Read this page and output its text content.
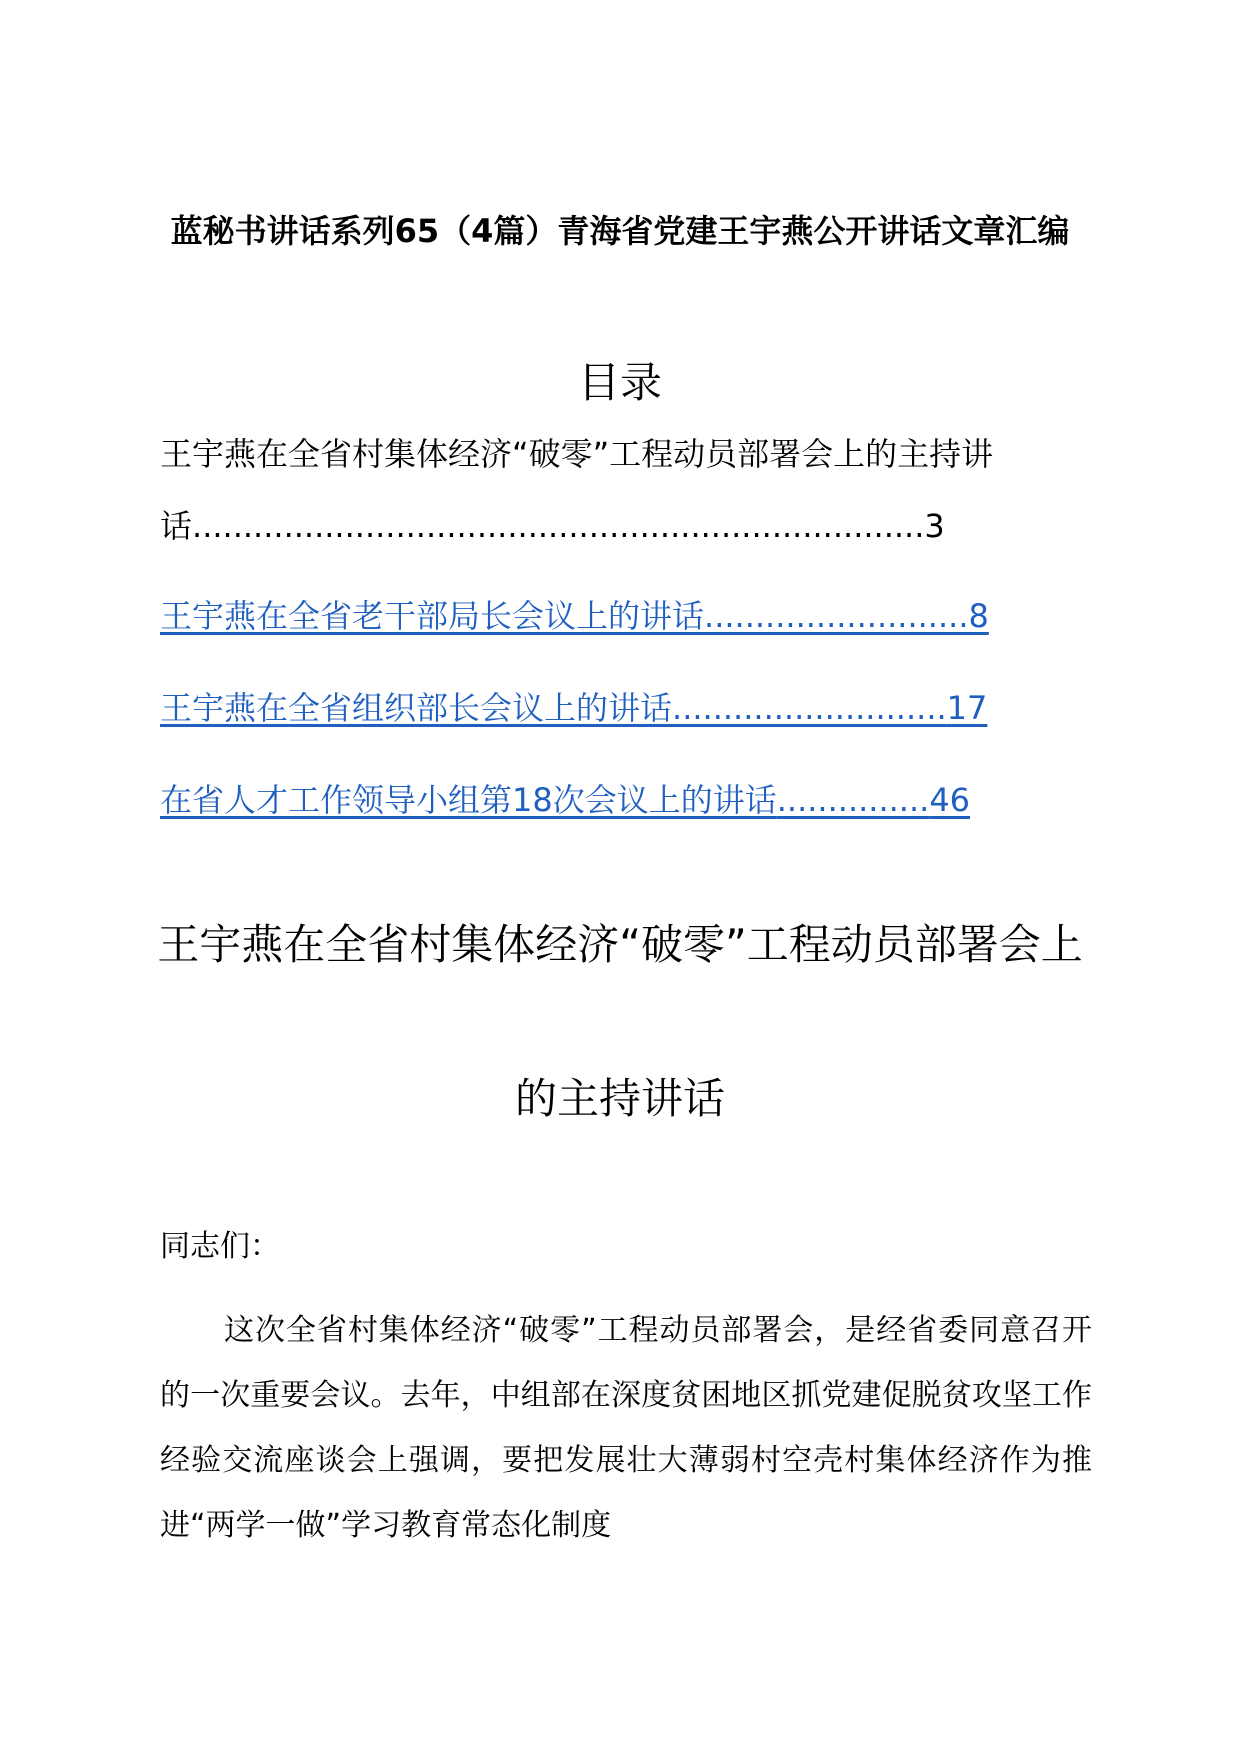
蓝秘书讲话系列65（4篇）青海省党建王宇燕公开讲话文章汇编
目录
王宇燕在全省村集体经济“破零”工程动员部署会上的主持讲话........................................................................3
王宇燕在全省老干部局长会议上的讲话..........................8
王宇燕在全省组织部长会议上的讲话...........................17
在省人才工作领导小组第18次会议上的讲话...............46
王宇燕在全省村集体经济“破零”工程动员部署会上的主持讲话

同志们：

这次全省村集体经济“破零”工程动员部署会，是经省委同意召开的一次重要会议。去年，中组部在深度贫困地区抓党建促脱贫攻坚工作经验交流座谈会上强调，要把发展壮大薄弱村空壳村集体经济作为推进“两学一做”学习教育常态化制度
